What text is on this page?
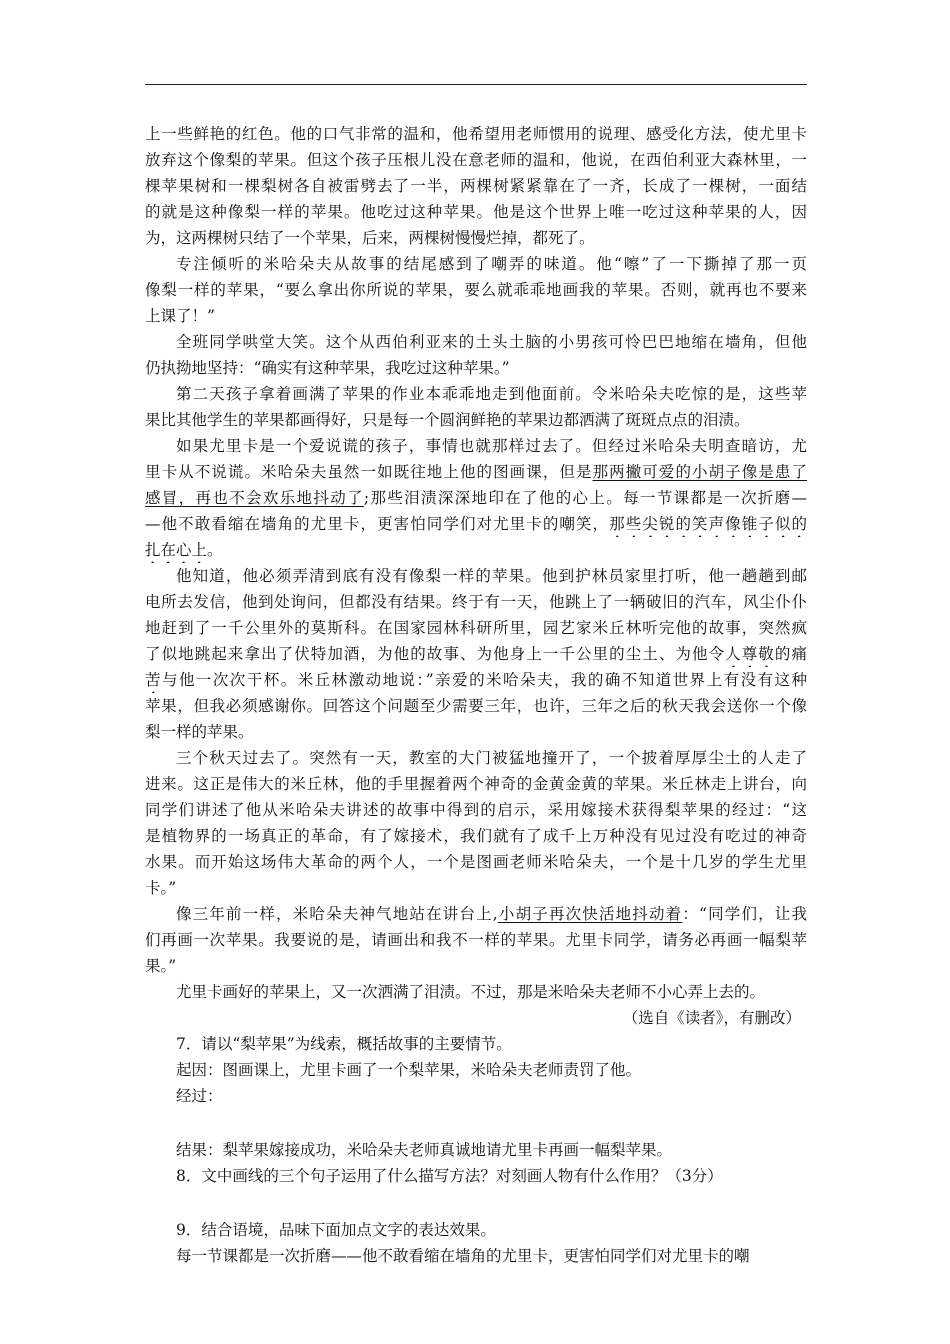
上一些鲜艳的红色。他的口气非常的温和，他希望用老师惯用的说理、感受化方法，使尤里卡
放弃这个像梨的苹果。但这个孩子压根儿没在意老师的温和，他说，在西伯利亚大森林里，一
棵苹果树和一棵梨树各自被雷劈去了一半，两棵树紧紧靠在了一齐，长成了一棵树，一面结
的就是这种像梨一样的苹果。他吃过这种苹果。他是这个世界上唯一吃过这种苹果的人，因
为，这两棵树只结了一个苹果，后来，两棵树慢慢烂掉，都死了。
专注倾听的米哈朵夫从故事的结尾感到了嘲弄的味道。他“嚓”了一下撕掉了那一页
像梨一样的苹果，“要么拿出你所说的苹果，要么就乖乖地画我的苹果。否则，就再也不要来
上课了！”
全班同学哄堂大笑。这个从西伯利亚来的土头土脑的小男孩可怜巴巴地缩在墙角，但他
仍执拗地坚持：“确实有这种苹果，我吃过这种苹果。”
第二天孩子拿着画满了苹果的作业本乖乖地走到他面前。令米哈朵夫吃惊的是，这些苹
果比其他学生的苹果都画得好，只是每一个圆润鲜艳的苹果边都洒满了斑斑点点的泪渍。
如果尤里卡是一个爱说谎的孩子，事情也就那样过去了。但经过米哈朵夫明查暗访，尤
里卡从不说谎。米哈朵夫虽然一如既往地上他的图画课，但是那两撇可爱的小胡子像是患了
感冒，再也不会欢乐地抖动了;那些泪渍深深地印在了他的心上。每一节课都是一次折磨—
—他不敢看缩在墙角的尤里卡，更害怕同学们对尤里卡的嘲笑，那些尖锐的笑声像锥子似的
扎在心上。
他知道，他必须弄清到底有没有像梨一样的苹果。他到护林员家里打听，他一趟趟到邮
电所去发信，他到处询问，但都没有结果。终于有一天，他跳上了一辆破旧的汽车，风尘仆仆
地赶到了一千公里外的莫斯科。在国家园林科研所里，园艺家米丘林听完他的故事，突然疯
了似地跳起来拿出了伏特加酒，为他的故事、为他身上一千公里的尘土、为他令人尊敬的痛
苦与他一次次干杯。米丘林激动地说：”亲爱的米哈朵夫，我的确不知道世界上有没有这种
苹果，但我必须感谢你。回答这个问题至少需要三年，也许，三年之后的秋天我会送你一个像
梨一样的苹果。
三个秋天过去了。突然有一天，教室的大门被猛地撞开了，一个披着厚厚尘土的人走了
进来。这正是伟大的米丘林，他的手里握着两个神奇的金黄金黄的苹果。米丘林走上讲台，向
同学们讲述了他从米哈朵夫讲述的故事中得到的启示，采用嫁接术获得梨苹果的经过：“这
是植物界的一场真正的革命，有了嫁接术，我们就有了成千上万种没有见过没有吃过的神奇
水果。而开始这场伟大革命的两个人，一个是图画老师米哈朵夫，一个是十几岁的学生尤里
卡。”
像三年前一样，米哈朵夫神气地站在讲台上,小胡子再次快活地抖动着：“同学们，让我
们再画一次苹果。我要说的是，请画出和我不一样的苹果。尤里卡同学，请务必再画一幅梨苹
果。”
尤里卡画好的苹果上，又一次洒满了泪渍。不过，那是米哈朵夫老师不小心弄上去的。
（选自《读者》，有删改）
7．请以“梨苹果”为线索，概括故事的主要情节。
起因：图画课上，尤里卡画了一个梨苹果，米哈朵夫老师责罚了他。
经过：
结果：梨苹果嫁接成功，米哈朵夫老师真诚地请尤里卡再画一幅梨苹果。
8．文中画线的三个句子运用了什么描写方法？对刻画人物有什么作用？（3分）
9．结合语境，品味下面加点文字的表达效果。
每一节课都是一次折磨——他不敢看缩在墙角的尤里卡，更害怕同学们对尤里卡的嘲
